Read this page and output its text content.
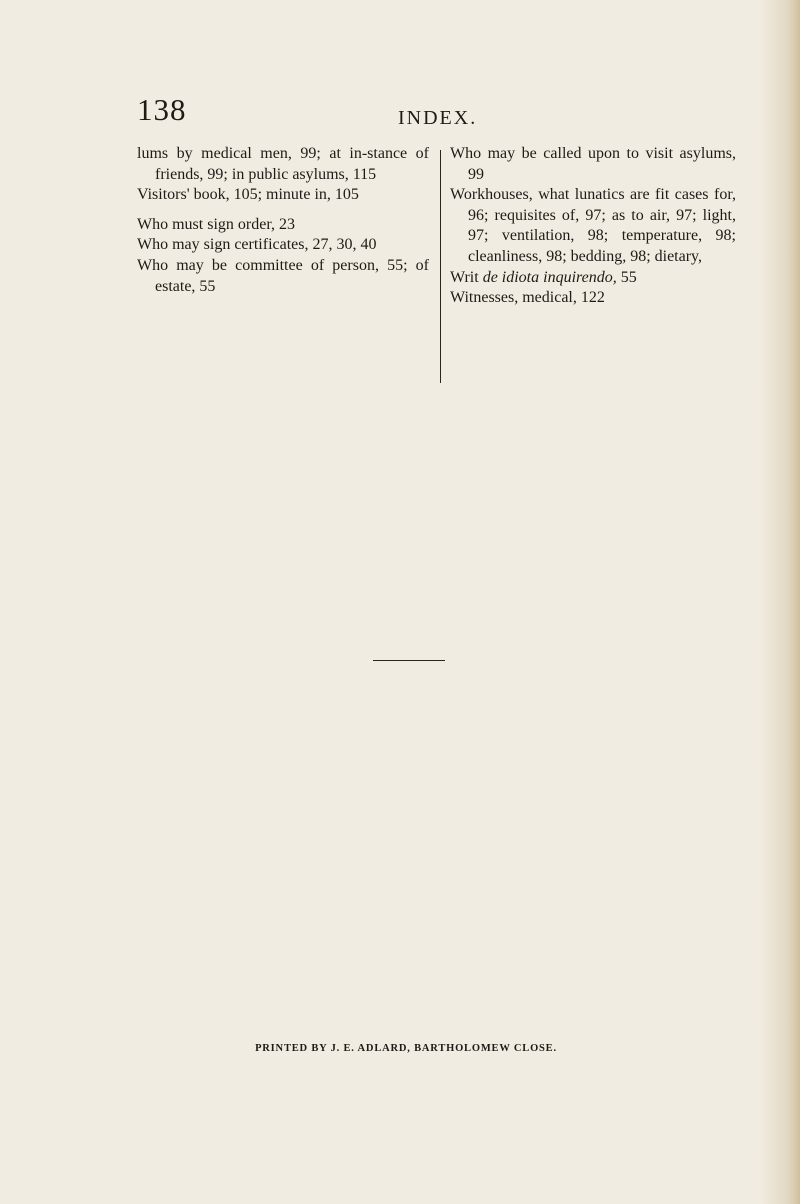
138	INDEX.

lums by medical men, 99; at in-stance of friends, 99; in public asylums, 115

Visitors' book, 105; minute in, 105

Who must sign order, 23

Who may sign certificates, 27, 30, 40

Who may be committee of person, 55; of estate, 55

Who may be called upon to visit asylums, 99

Workhouses, what lunatics are fit cases for, 96; requisites of, 97; as to air, 97; light, 97; ventilation, 98; temperature, 98; cleanliness, 98; bedding, 98; dietary,

Writ de idiota inquirendo, 55

Witnesses, medical, 122

PRINTED BY J. E. ADLARD, BARTHOLOMEW CLOSE.
